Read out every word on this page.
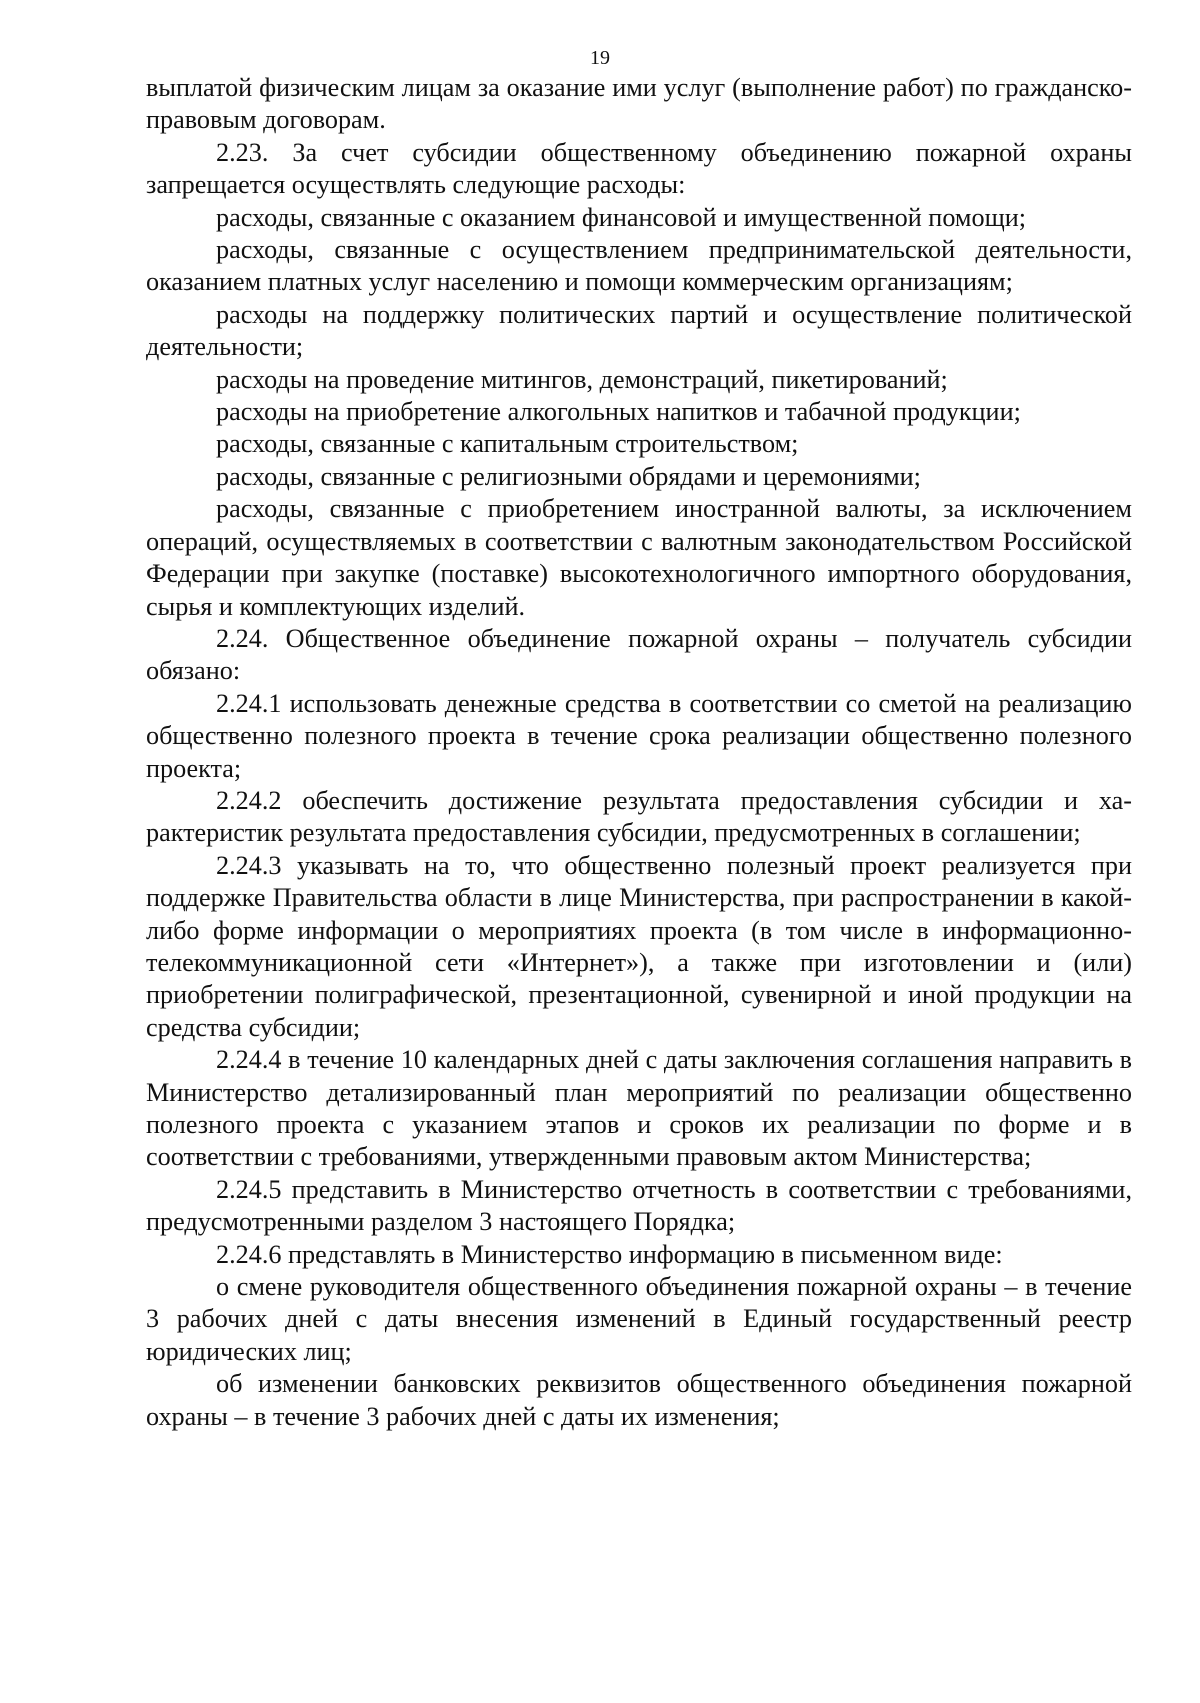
19

выплатой физическим лицам за оказание ими услуг (выполнение работ) по гражданско-правовым договорам.

2.23. За счет субсидии общественному объединению пожарной охраны запрещается осуществлять следующие расходы:

расходы, связанные с оказанием финансовой и имущественной помощи;

расходы, связанные с осуществлением предпринимательской деятельности, оказанием платных услуг населению и помощи коммерческим организациям;

расходы на поддержку политических партий и осуществление политической деятельности;

расходы на проведение митингов, демонстраций, пикетирований;

расходы на приобретение алкогольных напитков и табачной продукции;

расходы, связанные с капитальным строительством;

расходы, связанные с религиозными обрядами и церемониями;

расходы, связанные с приобретением иностранной валюты, за исключением операций, осуществляемых в соответствии с валютным законодательством Российской Федерации при закупке (поставке) высокотехнологичного импортного оборудования, сырья и комплектующих изделий.

2.24. Общественное объединение пожарной охраны – получатель субсидии обязано:

2.24.1 использовать денежные средства в соответствии со сметой на реализацию общественно полезного проекта в течение срока реализации общественно полезного проекта;

2.24.2 обеспечить достижение результата предоставления субсидии и характеристик результата предоставления субсидии, предусмотренных в соглашении;

2.24.3 указывать на то, что общественно полезный проект реализуется при поддержке Правительства области в лице Министерства, при распространении в какой-либо форме информации о мероприятиях проекта (в том числе в информационно-телекоммуникационной сети «Интернет»), а также при изготовлении и (или) приобретении полиграфической, презентационной, сувенирной и иной продукции на средства субсидии;

2.24.4 в течение 10 календарных дней с даты заключения соглашения направить в Министерство детализированный план мероприятий по реализации общественно полезного проекта с указанием этапов и сроков их реализации по форме и в соответствии с требованиями, утвержденными правовым актом Министерства;

2.24.5 представить в Министерство отчетность в соответствии с требованиями, предусмотренными разделом 3 настоящего Порядка;

2.24.6 представлять в Министерство информацию в письменном виде:

о смене руководителя общественного объединения пожарной охраны – в течение 3 рабочих дней с даты внесения изменений в Единый государственный реестр юридических лиц;

об изменении банковских реквизитов общественного объединения пожарной охраны – в течение 3 рабочих дней с даты их изменения;
